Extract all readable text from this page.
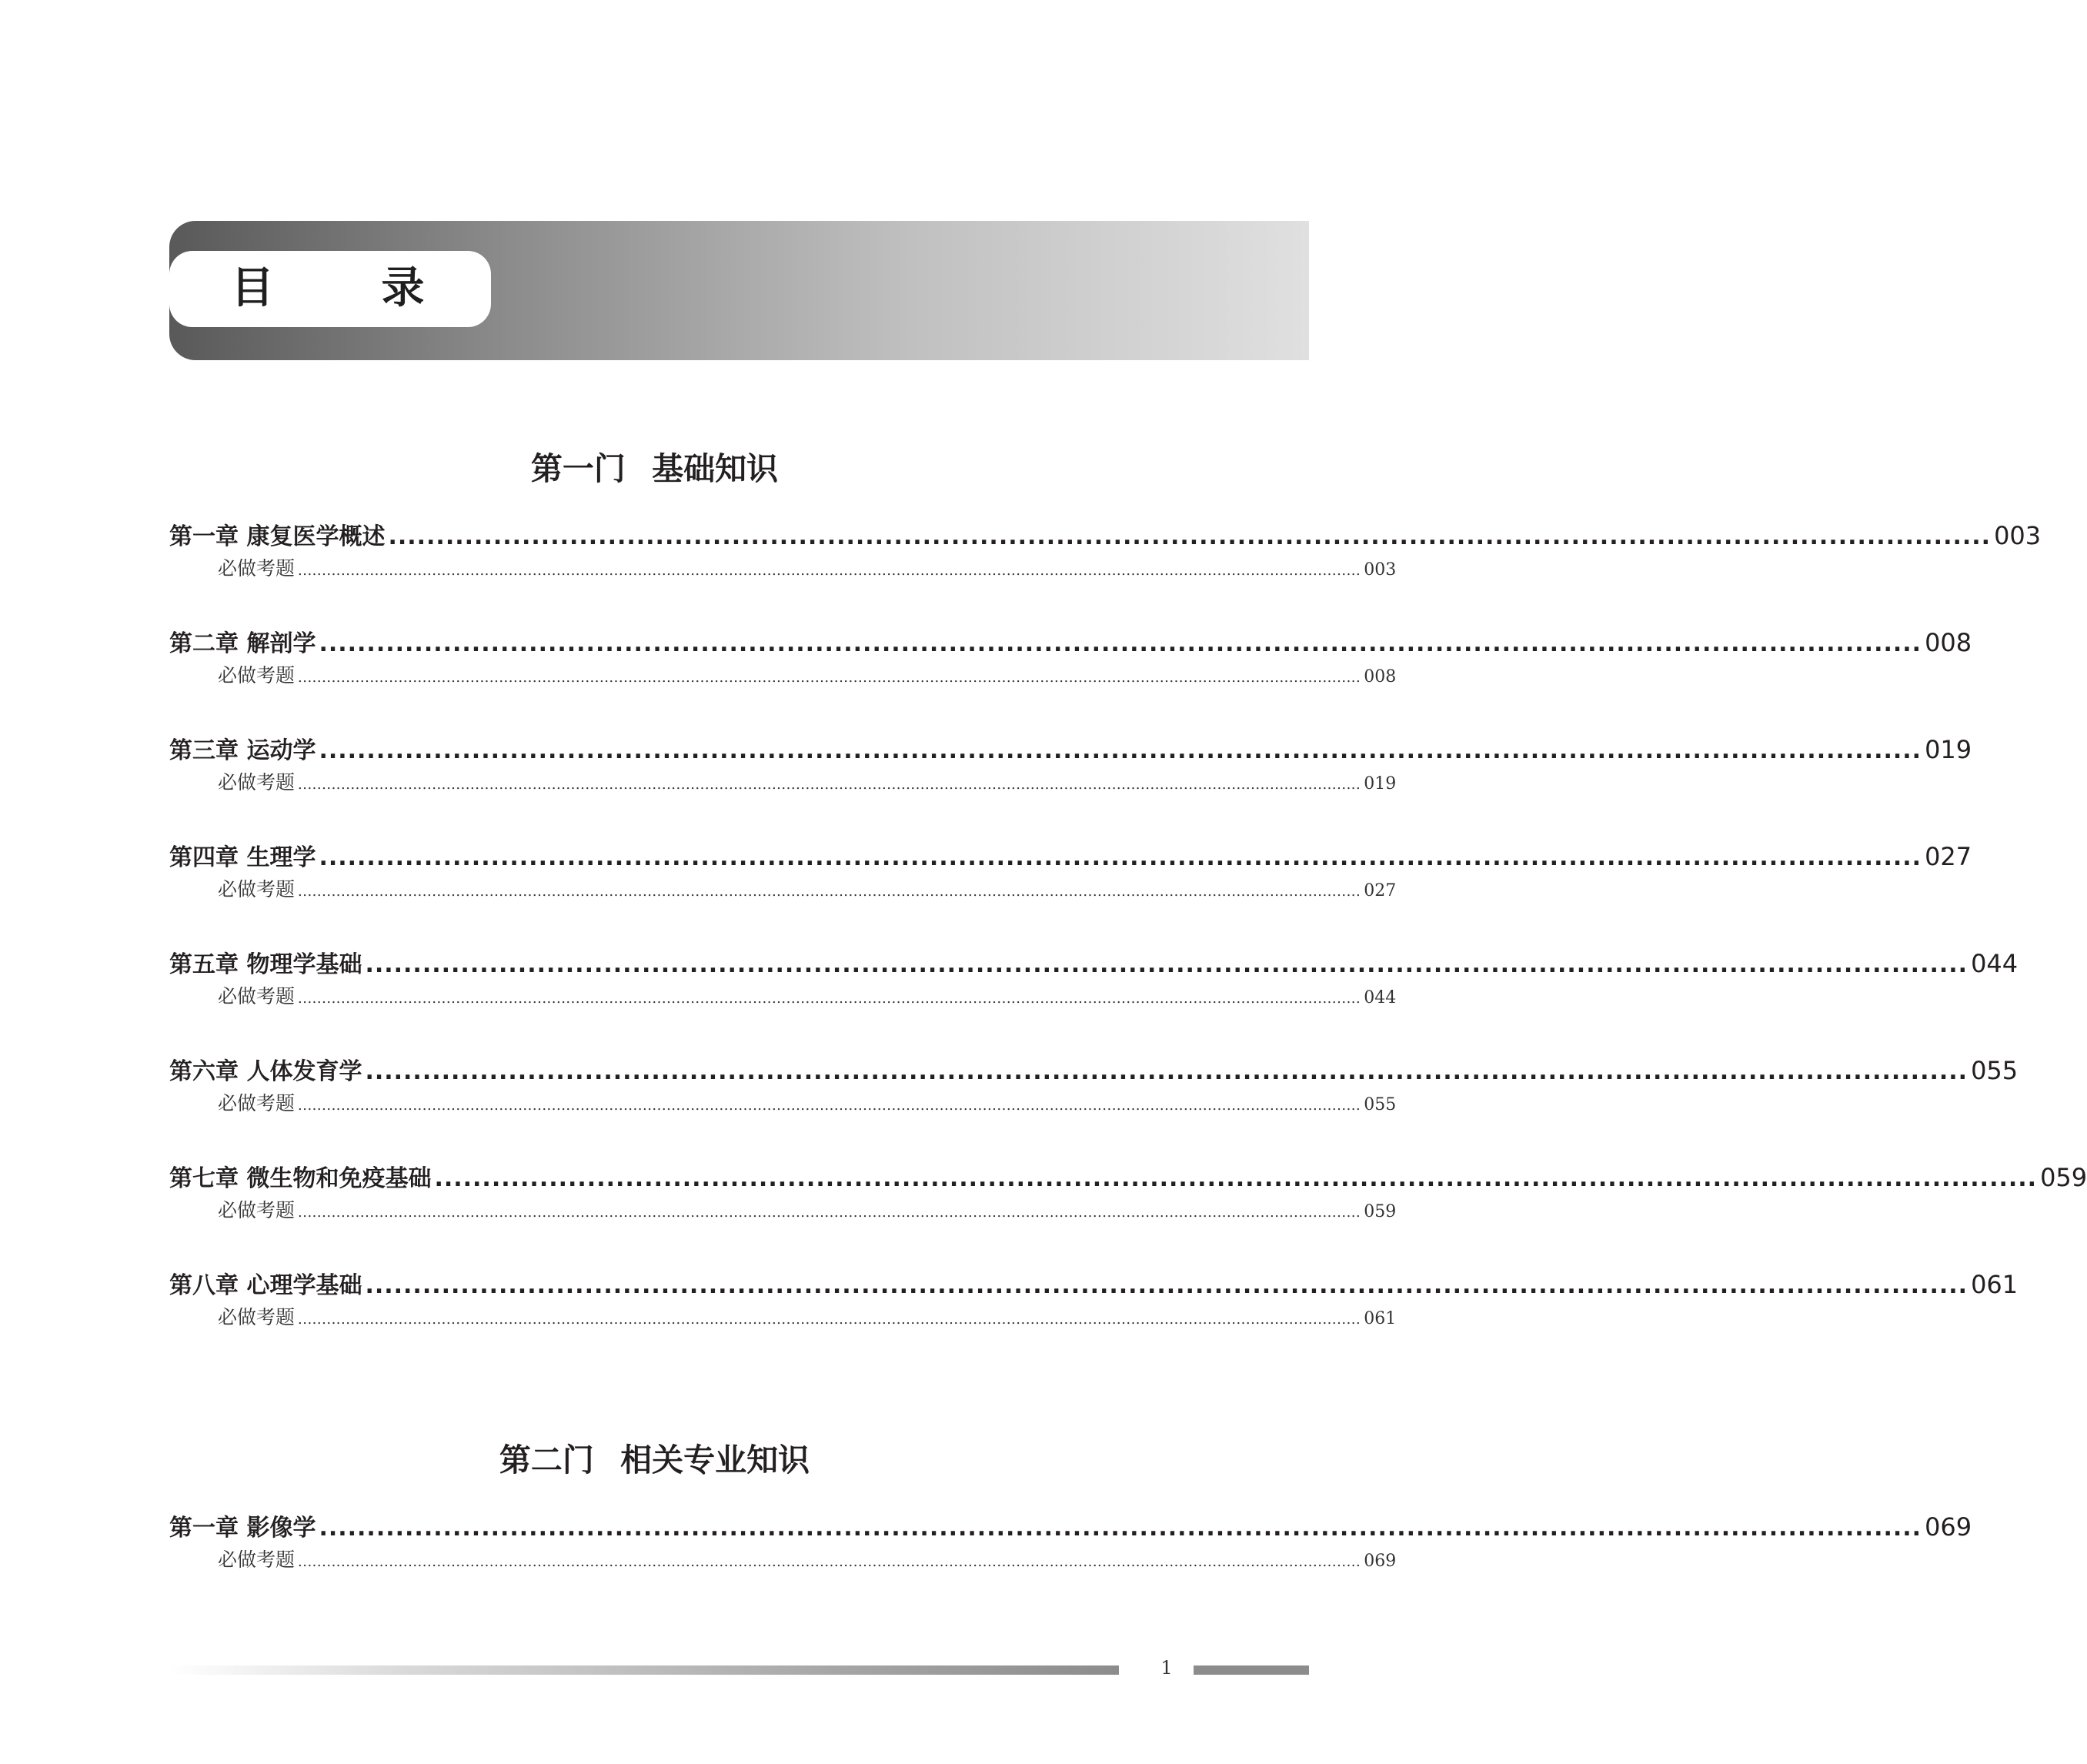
目 录
第一门 基础知识
第一章 康复医学概述 ........................................................................................................................................................................ 003
必做考题 .............................................................................................................................................................................................................................. 003
第二章 解剖学 ........................................................................................................................................................................ 008
必做考题 .............................................................................................................................................................................................................................. 008
第三章 运动学 ........................................................................................................................................................................ 019
必做考题 .............................................................................................................................................................................................................................. 019
第四章 生理学 ........................................................................................................................................................................ 027
必做考题 .............................................................................................................................................................................................................................. 027
第五章 物理学基础 ........................................................................................................................................................................ 044
必做考题 .............................................................................................................................................................................................................................. 044
第六章 人体发育学 ........................................................................................................................................................................ 055
必做考题 .............................................................................................................................................................................................................................. 055
第七章 微生物和免疫基础 ........................................................................................................................................................................ 059
必做考题 .............................................................................................................................................................................................................................. 059
第八章 心理学基础 ........................................................................................................................................................................ 061
必做考题 .............................................................................................................................................................................................................................. 061
第二门 相关专业知识
第一章 影像学 ........................................................................................................................................................................ 069
必做考题 .............................................................................................................................................................................................................................. 069
1
